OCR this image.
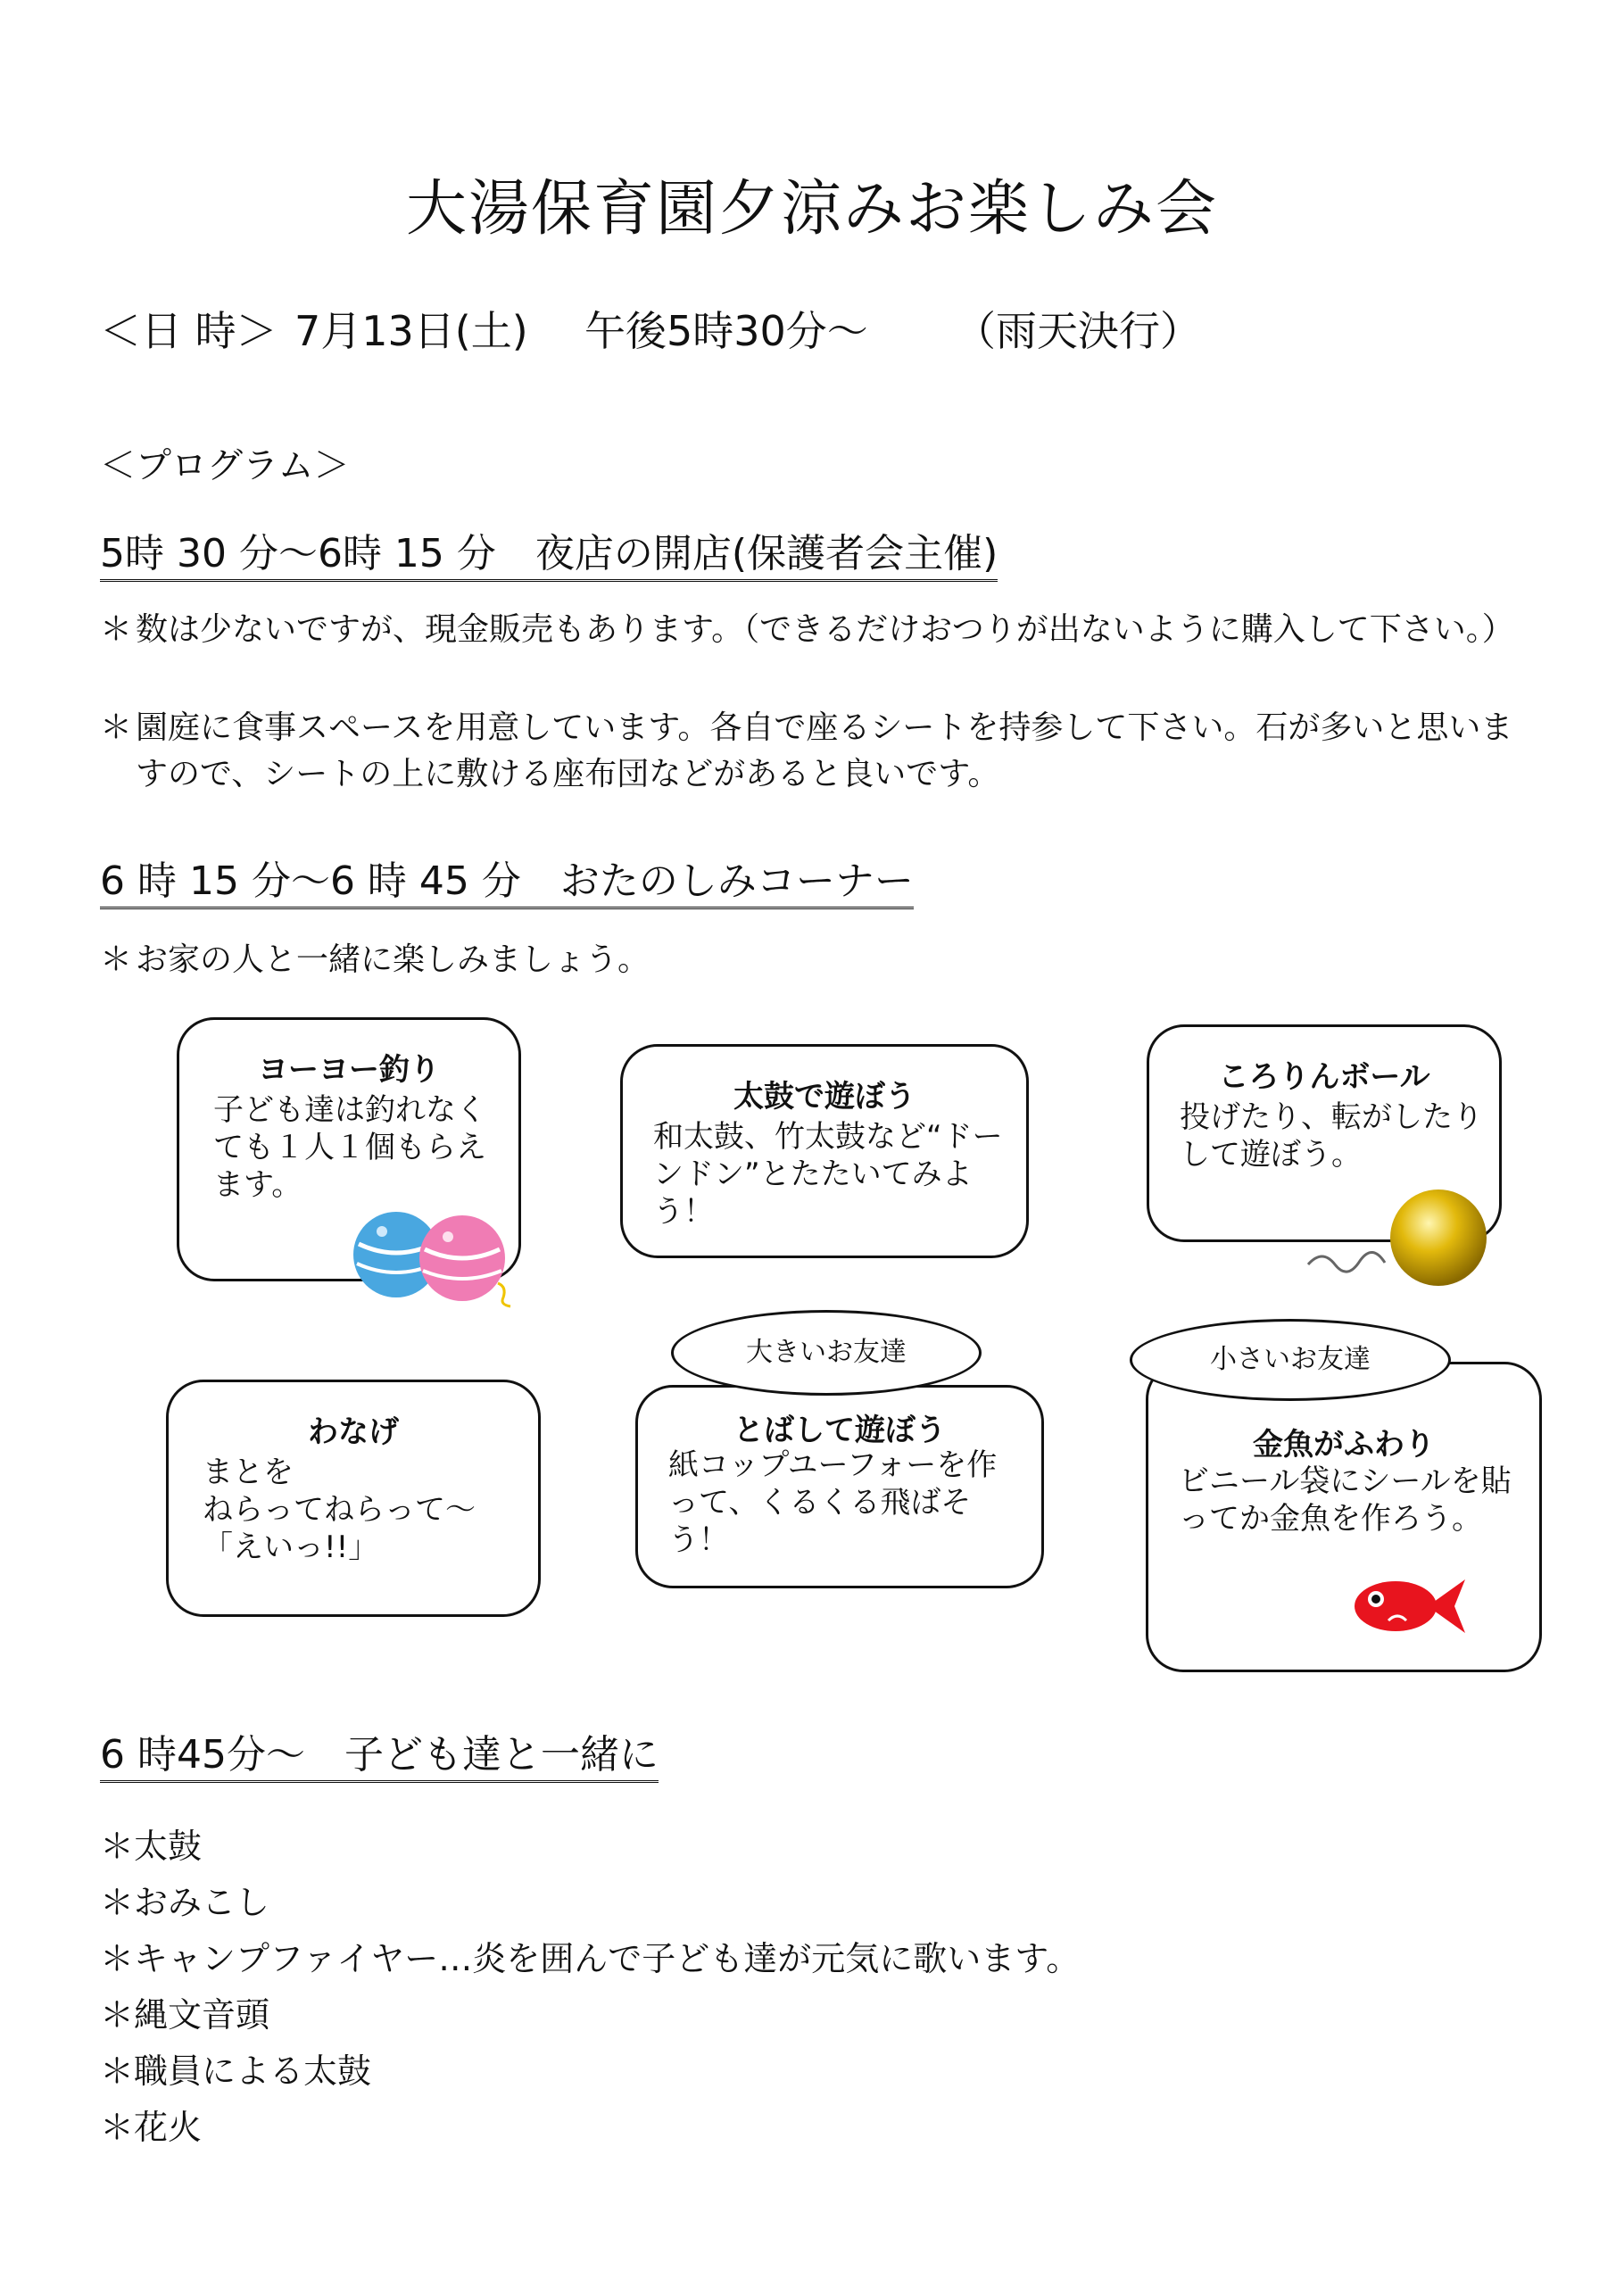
大湯保育園夕涼みお楽しみ会
＜日 時＞ 7月13日(土) 午後5時30分～ （雨天決行）
＜プログラム＞
5時 30 分～6時 15 分　夜店の開店(保護者会主催)
＊ 数は少ないですが、現金販売もあります。（できるだけおつりが出ないように購入して下さい。）
＊ 園庭に食事スペースを用意しています。各自で座るシートを持参して下さい。石が多いと思いますので、シートの上に敷ける座布団などがあると良いです。
6 時 15 分～6 時 45 分　おたのしみコーナー
＊ お家の人と一緒に楽しみましょう。
ヨーヨー釣り
子ども達は釣れなくても１人１個もらえます。
太鼓で遊ぼう
和太鼓、竹太鼓など“ドーンドン”とたたいてみよう！
ころりんボール
投げたり、転がしたりして遊ぼう。
わなげ
まとを
ねらってねらって～
「えいっ!!」
とばして遊ぼう
紙コップユーフォーを作って、くるくる飛ばそう！
大きいお友達
金魚がふわり
ビニール袋にシールを貼ってか金魚を作ろう。
小さいお友達
6 時45分～　子ども達と一緒に
＊太鼓
＊おみこし
＊キャンプファイヤー…炎を囲んで子ども達が元気に歌います。
＊縄文音頭
＊職員による太鼓
＊花火
